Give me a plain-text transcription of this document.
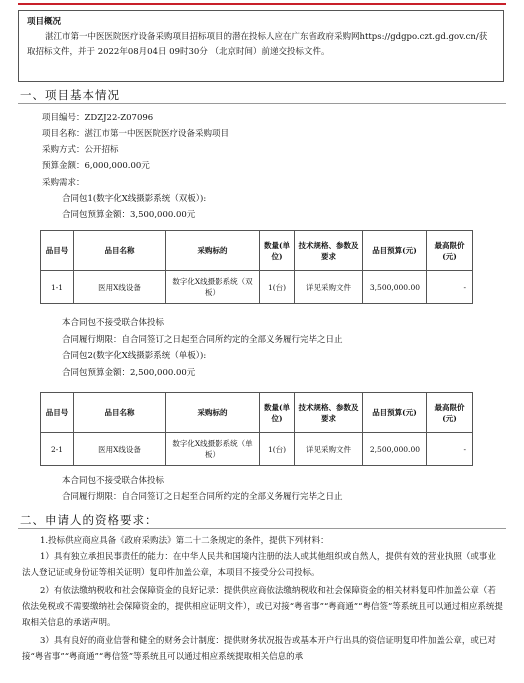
项目概况
湛江市第一中医医院医疗设备采购项目招标项目的潜在投标人应在广东省政府采购网https://gdgpo.czt.gd.gov.cn/获取招标文件，并于 2022年08月04日 09时30分 （北京时间）前递交投标文件。
一、项目基本情况
项目编号：ZDZJ22-Z07096
项目名称：湛江市第一中医医院医疗设备采购项目
采购方式：公开招标
预算金额：6,000,000.00元
采购需求：
合同包1(数字化X线摄影系统（双板）):
合同包预算金额：3,500,000.00元
品目号	品目名称	采购标的	数量(单位)	技术规格、参数及要求	品目预算(元)	最高限价(元)
1-1	医用X线设备	数字化X线摄影系统（双板）	1(台)	详见采购文件	3,500,000.00	-
本合同包不接受联合体投标
合同履行期限：自合同签订之日起至合同所约定的全部义务履行完毕之日止
合同包2(数字化X线摄影系统（单板）):
合同包预算金额：2,500,000.00元
品目号	品目名称	采购标的	数量(单位)	技术规格、参数及要求	品目预算(元)	最高限价(元)
2-1	医用X线设备	数字化X线摄影系统（单板）	1(台)	详见采购文件	2,500,000.00	-
本合同包不接受联合体投标
合同履行期限：自合同签订之日起至合同所约定的全部义务履行完毕之日止
二、申请人的资格要求：
1.投标供应商应具备《政府采购法》第二十二条规定的条件，提供下列材料：
1）具有独立承担民事责任的能力：在中华人民共和国境内注册的法人或其他组织或自然人，提供有效的营业执照（或事业法人登记证或身份证等相关证明）复印件加盖公章，本项目不接受分公司投标。
2）有依法缴纳税收和社会保障资金的良好记录：提供供应商依法缴纳税收和社会保障资金的相关材料复印件加盖公章（若依法免税或不需要缴纳社会保障资金的，提供相应证明文件），或已对接“粤省事”“粤商通”“粤信签”等系统且可以通过相应系统提取相关信息的承诺声明。
3）具有良好的商业信誉和健全的财务会计制度：提供财务状况报告或基本开户行出具的资信证明复印件加盖公章，或已对接“粤省事”“粤商通”“粤信签”等系统且可以通过相应系统提取相关信息的承
